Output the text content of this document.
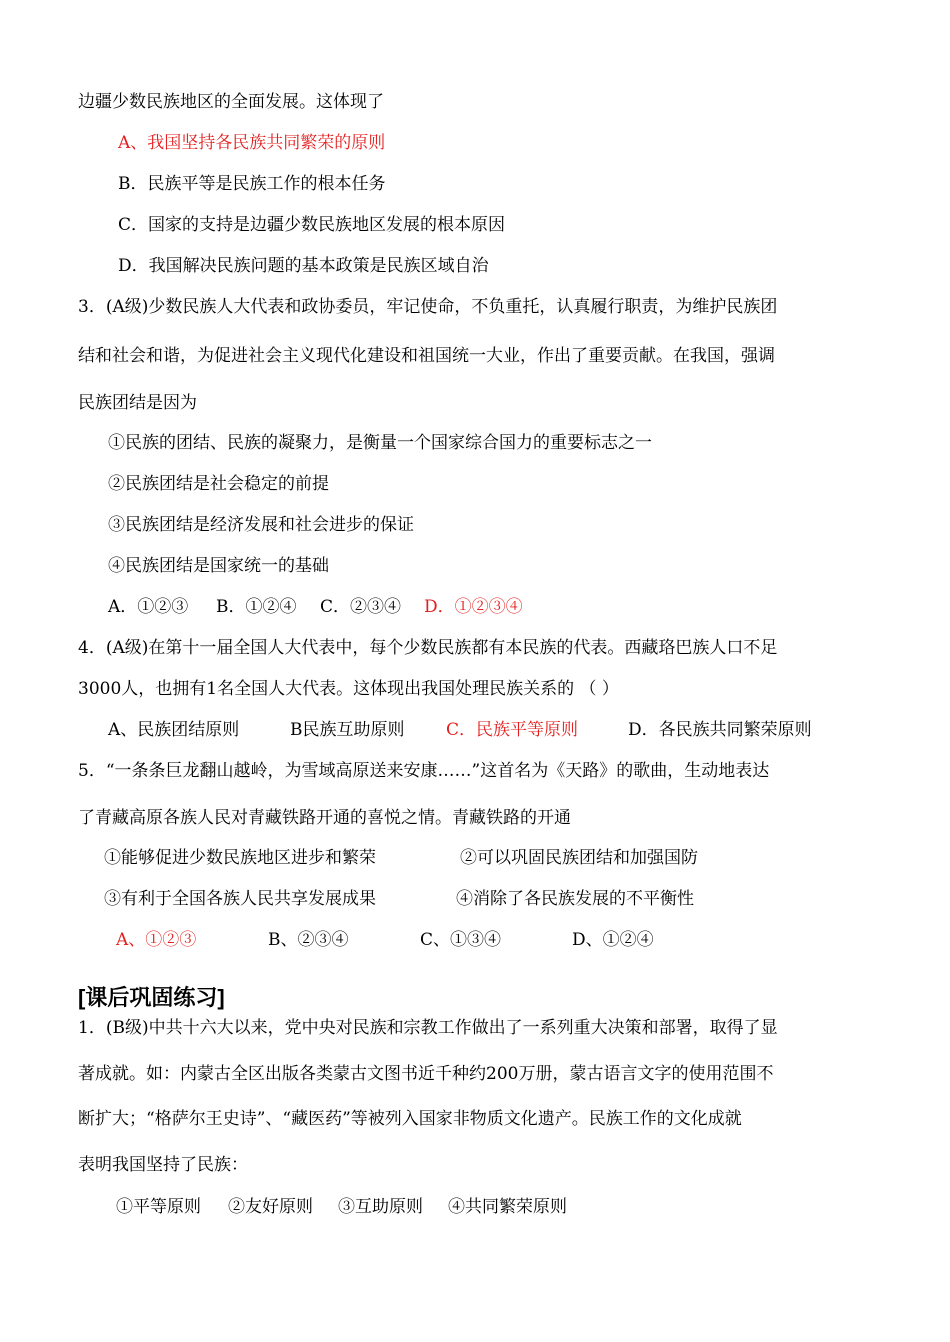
边疆少数民族地区的全面发展。这体现了
A、我国坚持各民族共同繁荣的原则
B．民族平等是民族工作的根本任务
C．国家的支持是边疆少数民族地区发展的根本原因
D．我国解决民族问题的基本政策是民族区域自治
3．(A级)少数民族人大代表和政协委员，牢记使命，不负重托，认真履行职责，为维护民族团
结和社会和谐，为促进社会主义现代化建设和祖国统一大业，作出了重要贡献。在我国，强调
民族团结是因为
①民族的团结、民族的凝聚力，是衡量一个国家综合国力的重要标志之一
②民族团结是社会稳定的前提
③民族团结是经济发展和社会进步的保证
④民族团结是国家统一的基础
A．①②③ B．①②④ C．②③④ D．①②③④
4．(A级)在第十一届全国人大代表中，每个少数民族都有本民族的代表。西藏珞巴族人口不足
3000人，也拥有1名全国人大代表。这体现出我国处理民族关系的 （ ）
A、民族团结原则	B民族互助原则 C．民族平等原则	D．各民族共同繁荣原则
5．“一条条巨龙翻山越岭，为雪域高原送来安康……”这首名为《天路》的歌曲，生动地表达
了青藏高原各族人民对青藏铁路开通的喜悦之情。青藏铁路的开通
①能够促进少数民族地区进步和繁荣	②可以巩固民族团结和加强国防
③有利于全国各族人民共享发展成果	④消除了各民族发展的不平衡性
A、①②③	B、②③④	C、①③④	D、①②④
[课后巩固练习]
1．(B级)中共十六大以来，党中央对民族和宗教工作做出了一系列重大决策和部署，取得了显
著成就。如：内蒙古全区出版各类蒙古文图书近千种约200万册，蒙古语言文字的使用范围不
断扩大；“格萨尔王史诗”、“藏医药”等被列入国家非物质文化遗产。民族工作的文化成就
表明我国坚持了民族：
①平等原则 ②友好原则 ③互助原则 ④共同繁荣原则
